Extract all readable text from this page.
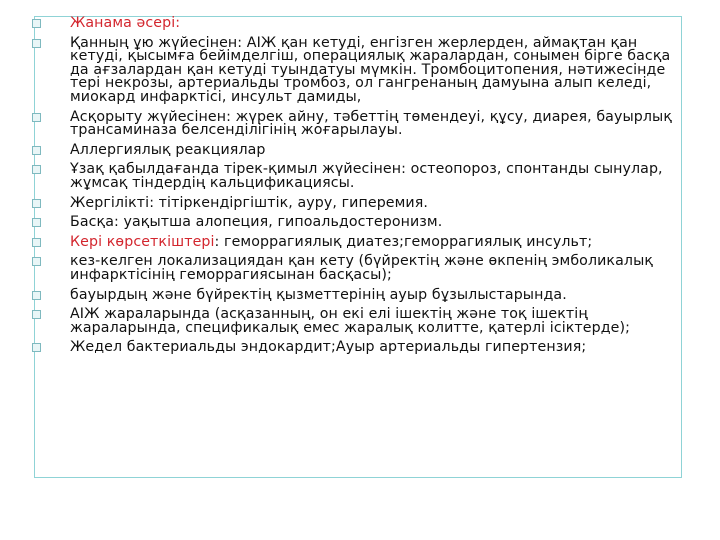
Жанама әсері:
Қанның ұю жүйесінен: АІЖ қан кетуді, енгізген жерлерден, аймақтан қан кетуді, қысымға бейімделгіш, операциялық жаралардан, сонымен бірге басқа да ағзалардан қан кетуді туындатуы мүмкін. Тромбоцитопения, нәтижесінде тері некрозы, артериальды тромбоз, ол гангренаның дамуына алып келеді, миокард инфарктісі, инсульт дамиды,
Асқорыту жүйесінен: жүрек айну, тәбеттің төмендеуі, құсу, диарея, бауырлық трансаминаза белсенділігінің жоғарылауы.
Аллергиялық реакциялар
Ұзақ қабылдағанда тірек-қимыл жүйесінен: остеопороз, спонтанды сынулар, жұмсақ тіндердің кальцификациясы.
Жергілікті: тітіркендіргіштік, ауру, гиперемия.
Басқа: уақытша алопеция, гипоальдостеронизм.
Кері көрсеткіштері: геморрагиялық диатез;геморрагиялық инсульт;
кез-келген локализациядан қан кету (бүйректің және өкпенің эмболикалық инфарктісінің геморрагиясынан басқасы);
бауырдың және бүйректің қызметтерінің ауыр бұзылыстарында.
АІЖ жараларында (асқазанның, он екі елі ішектің және тоқ ішектің жараларында, спецификалық емес жаралық колитте, қатерлі ісіктерде);
Жедел бактериальды эндокардит;Ауыр артериальды гипертензия;
